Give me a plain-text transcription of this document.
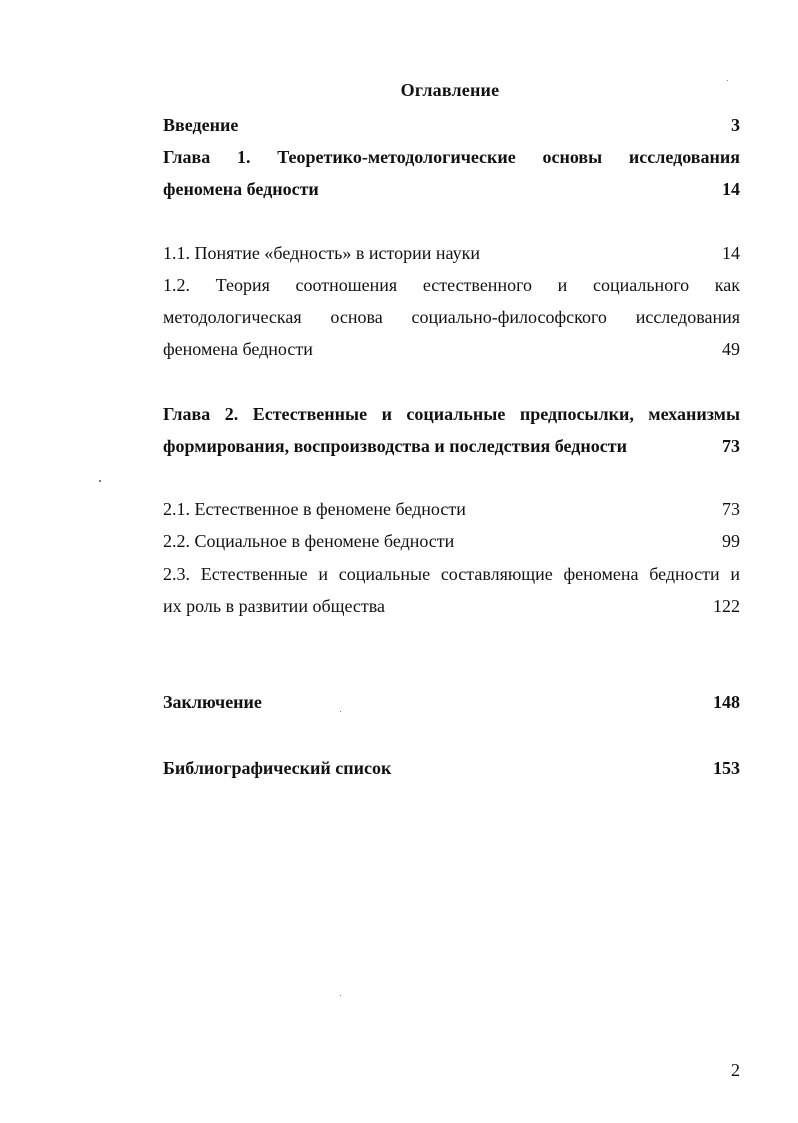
Оглавление
Введение	3
Глава 1. Теоретико-методологические основы исследования
феномена бедности	14
1.1. Понятие «бедность» в истории науки	14
1.2. Теория соотношения естественного и социального как
методологическая основа социально-философского исследования
феномена бедности	49
Глава 2. Естественные и социальные предпосылки, механизмы
формирования, воспроизводства и последствия бедности	73
2.1. Естественное в феномене бедности	73
2.2. Социальное в феномене бедности	99
2.3. Естественные и социальные составляющие феномена бедности и
их роль в развитии общества	122
Заключение	148
Библиографический список	153
2
